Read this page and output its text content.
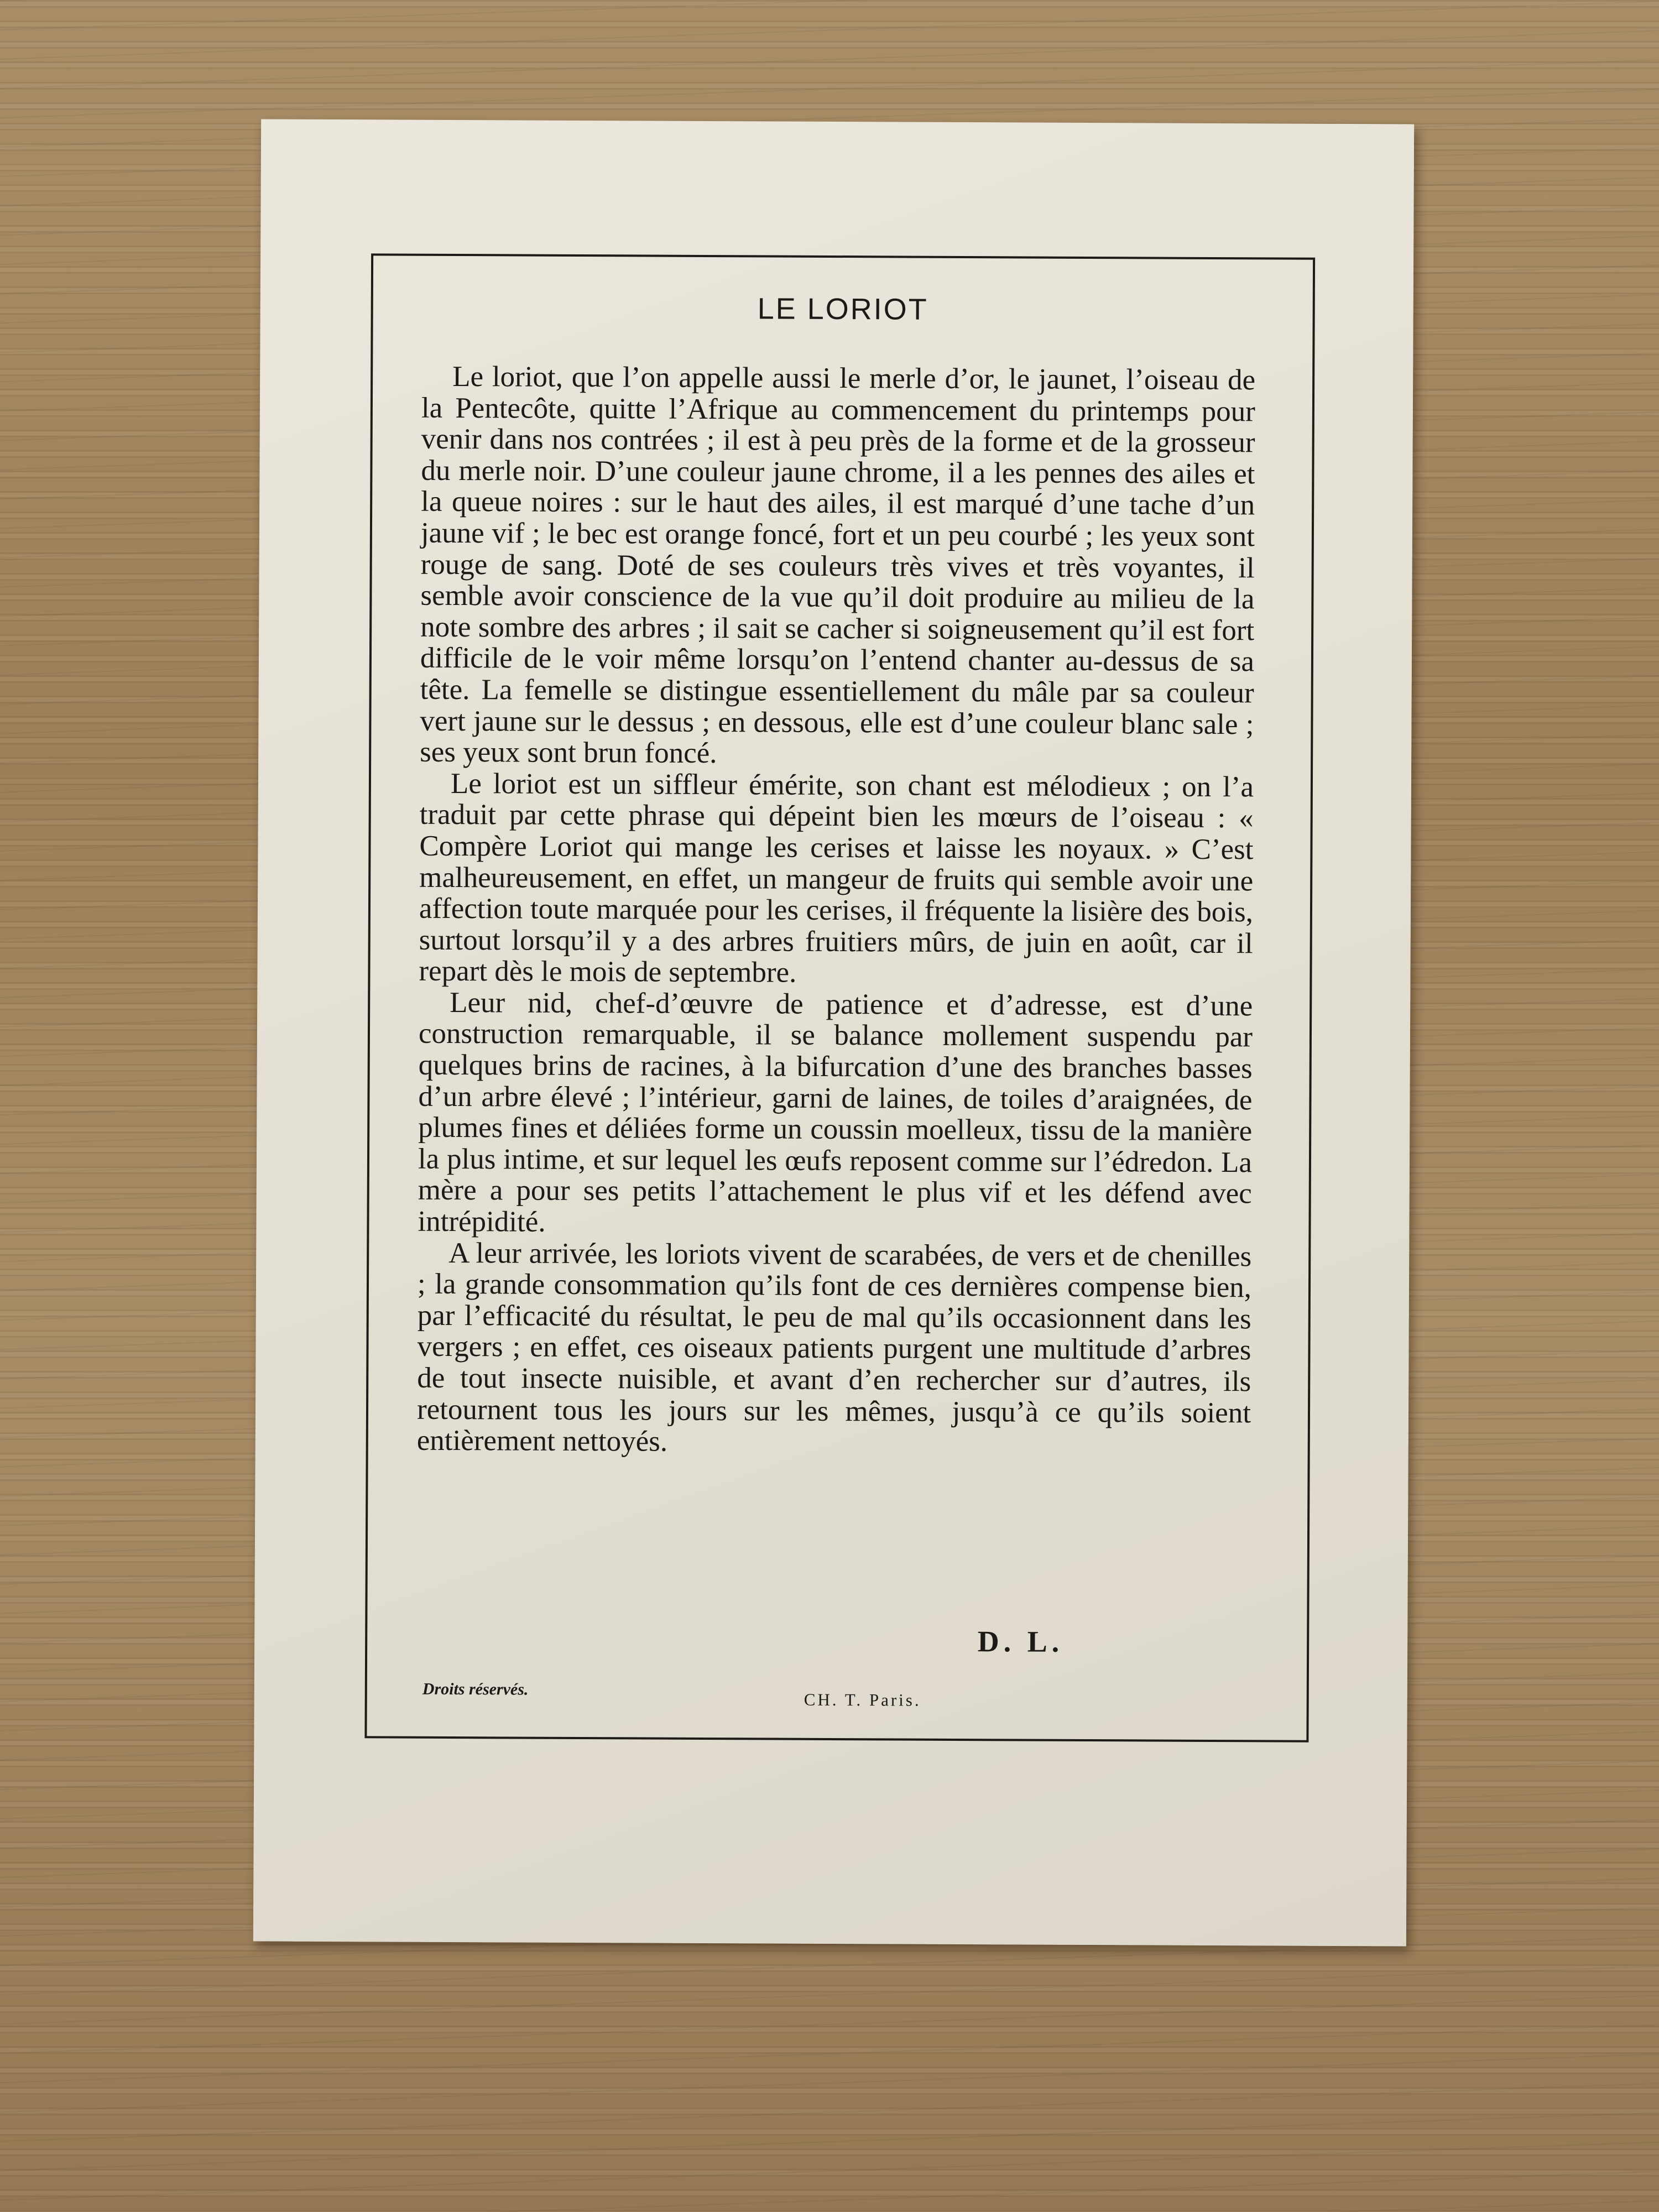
LE LORIOT

Le loriot, que l’on appelle aussi le merle d’or, le jaunet, l’oiseau de la Pentecôte, quitte l’Afrique au commencement du printemps pour venir dans nos contrées ; il est à peu près de la forme et de la grosseur du merle noir. D’une couleur jaune chrome, il a les pennes des ailes et la queue noires : sur le haut des ailes, il est marqué d’une tache d’un jaune vif ; le bec est orange foncé, fort et un peu courbé ; les yeux sont rouge de sang. Doté de ses couleurs très vives et très voyantes, il semble avoir conscience de la vue qu’il doit produire au milieu de la note sombre des arbres ; il sait se cacher si soigneusement qu’il est fort difficile de le voir même lorsqu’on l’entend chanter au-dessus de sa tête. La femelle se distingue essentiellement du mâle par sa couleur vert jaune sur le dessus ; en dessous, elle est d’une couleur blanc sale ; ses yeux sont brun foncé.

Le loriot est un siffleur émérite, son chant est mélodieux ; on l’a traduit par cette phrase qui dépeint bien les mœurs de l’oiseau : « Compère Loriot qui mange les cerises et laisse les noyaux. » C’est malheureusement, en effet, un mangeur de fruits qui semble avoir une affection toute marquée pour les cerises, il fréquente la lisière des bois, surtout lorsqu’il y a des arbres fruitiers mûrs, de juin en août, car il repart dès le mois de septembre.

Leur nid, chef-d’œuvre de patience et d’adresse, est d’une construction remarquable, il se balance mollement suspendu par quelques brins de racines, à la bifurcation d’une des branches basses d’un arbre élevé ; l’intérieur, garni de laines, de toiles d’araignées, de plumes fines et déliées forme un coussin moelleux, tissu de la manière la plus intime, et sur lequel les œufs reposent comme sur l’édredon. La mère a pour ses petits l’attachement le plus vif et les défend avec intrépidité.

A leur arrivée, les loriots vivent de scarabées, de vers et de chenilles ; la grande consommation qu’ils font de ces dernières compense bien, par l’efficacité du résultat, le peu de mal qu’ils occasionnent dans les vergers ; en effet, ces oiseaux patients purgent une multitude d’arbres de tout insecte nuisible, et avant d’en rechercher sur d’autres, ils retournent tous les jours sur les mêmes, jusqu’à ce qu’ils soient entièrement nettoyés.

D. L.
Droits réservés.
CH. T. Paris.
